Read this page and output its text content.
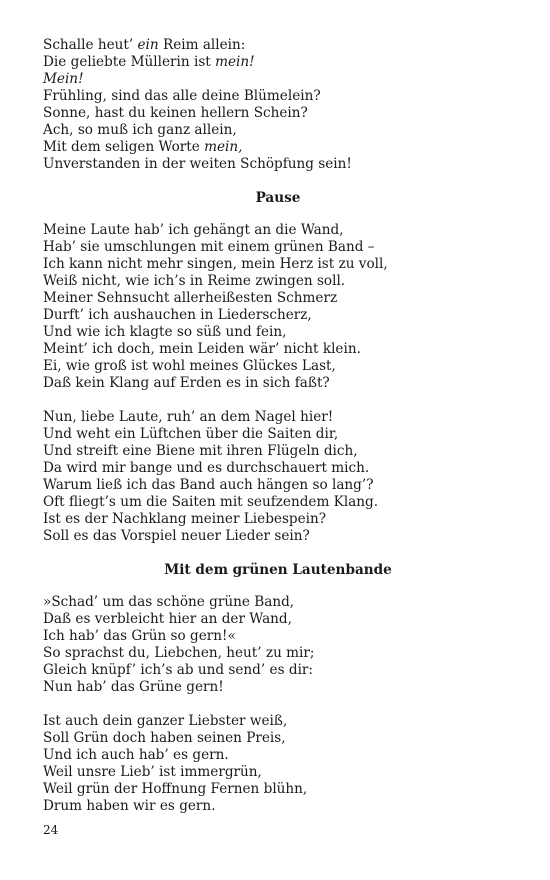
Schalle heut’ ein Reim allein:
Die geliebte Müllerin ist mein!
Mein!
Frühling, sind das alle deine Blümelein?
Sonne, hast du keinen hellern Schein?
Ach, so muß ich ganz allein,
Mit dem seligen Worte mein,
Unverstanden in der weiten Schöpfung sein!
Pause
Meine Laute hab’ ich gehängt an die Wand,
Hab’ sie umschlungen mit einem grünen Band –
Ich kann nicht mehr singen, mein Herz ist zu voll,
Weiß nicht, wie ich’s in Reime zwingen soll.
Meiner Sehnsucht allerheißesten Schmerz
Durft’ ich aushauchen in Liederscherz,
Und wie ich klagte so süß und fein,
Meint’ ich doch, mein Leiden wär’ nicht klein.
Ei, wie groß ist wohl meines Glückes Last,
Daß kein Klang auf Erden es in sich faßt?
Nun, liebe Laute, ruh’ an dem Nagel hier!
Und weht ein Lüftchen über die Saiten dir,
Und streift eine Biene mit ihren Flügeln dich,
Da wird mir bange und es durchschauert mich.
Warum ließ ich das Band auch hängen so lang’?
Oft fliegt’s um die Saiten mit seufzendem Klang.
Ist es der Nachklang meiner Liebespein?
Soll es das Vorspiel neuer Lieder sein?
Mit dem grünen Lautenbande
»Schad’ um das schöne grüne Band,
Daß es verbleicht hier an der Wand,
Ich hab’ das Grün so gern!«
So sprachst du, Liebchen, heut’ zu mir;
Gleich knüpf’ ich’s ab und send’ es dir:
Nun hab’ das Grüne gern!
Ist auch dein ganzer Liebster weiß,
Soll Grün doch haben seinen Preis,
Und ich auch hab’ es gern.
Weil unsre Lieb’ ist immergrün,
Weil grün der Hoffnung Fernen blühn,
Drum haben wir es gern.
24
